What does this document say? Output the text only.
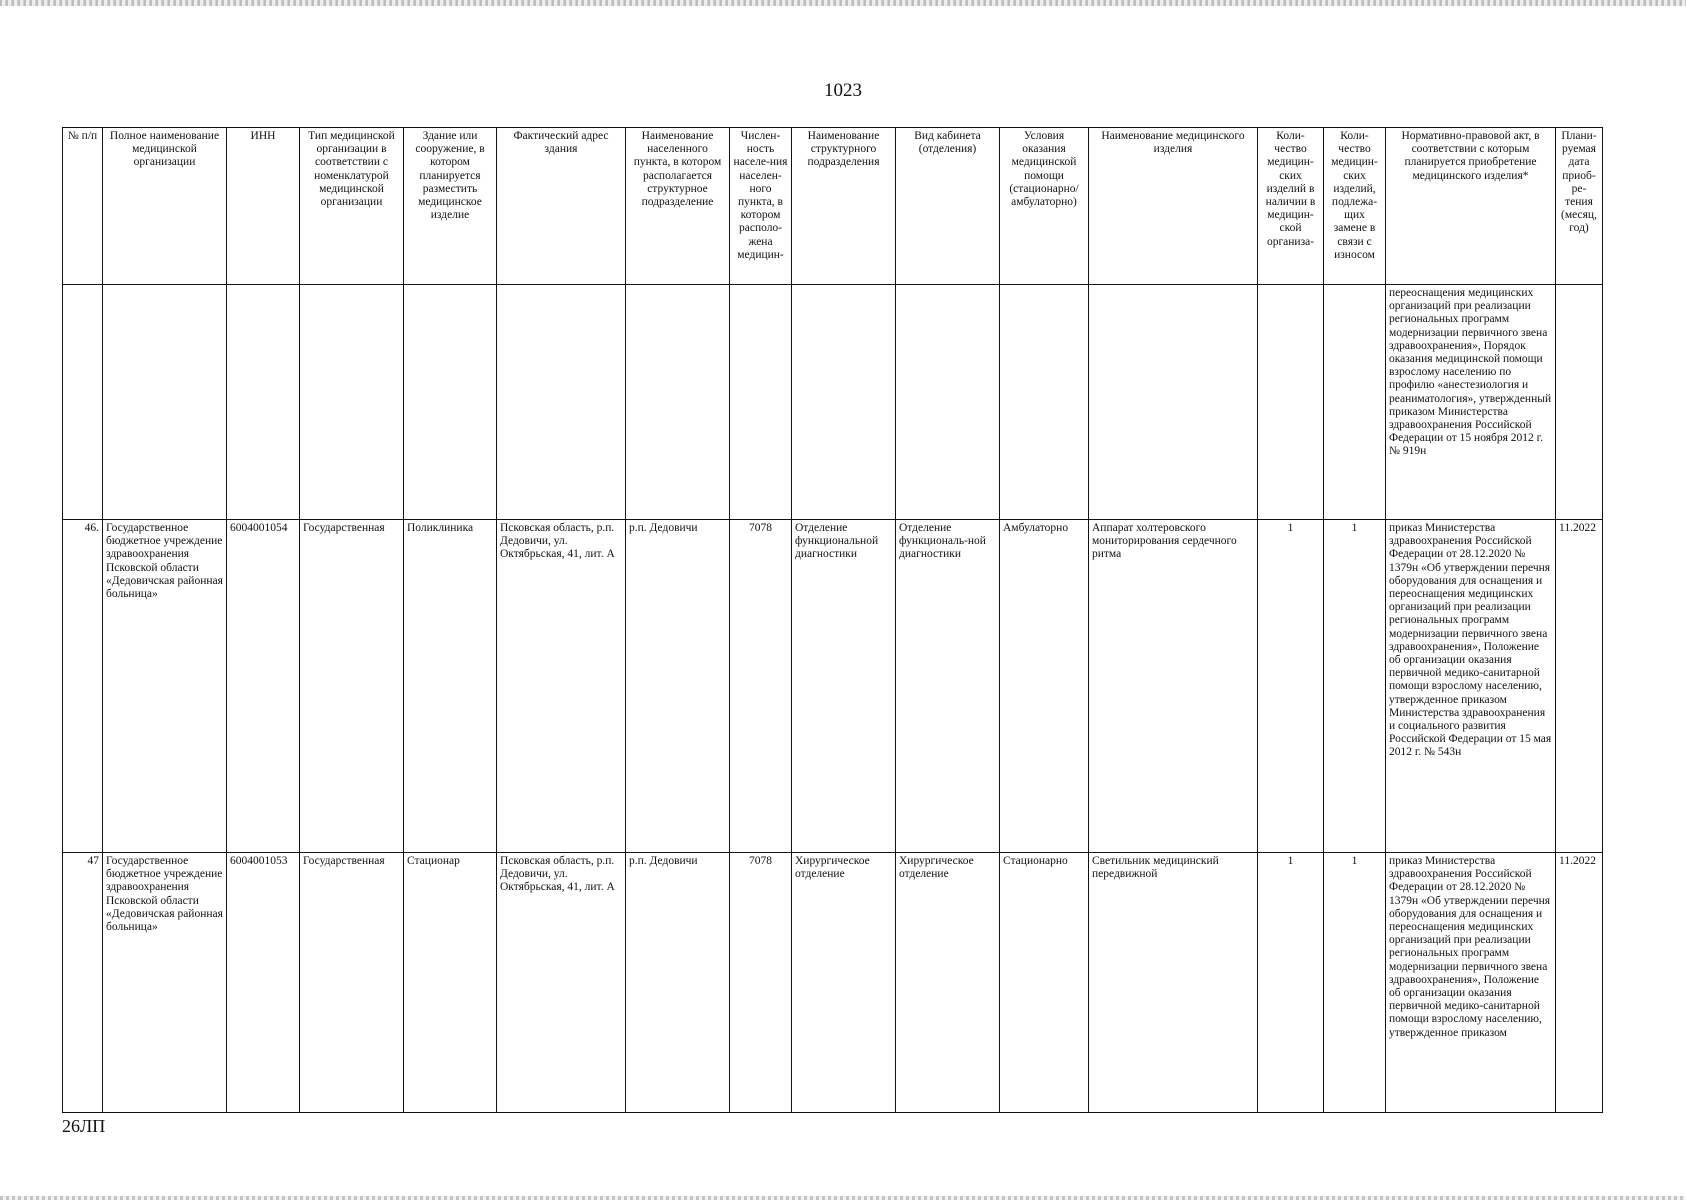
1023
№ п/п	Полное наименование медицинской организации	ИНН	Тип медицинской организации в соответствии с номенклатурой медицинской организации	Здание или сооружение, в котором планируется разместить медицинское изделие	Фактический адрес здания	Наименование населенного пункта, в котором располагается структурное подразделение	Числен-ность населе-ния населен-ного пункта, в котором располо-жена медицин-	Наименование структурного подразделения	Вид кабинета (отделения)	Условия оказания медицинской помощи (стационарно/ амбулаторно)	Наименование медицинского изделия	Коли-чество медицин-ских изделий в наличии в медицин-ской организа-	Коли-чество медицин-ских изделий, подлежа-щих замене в связи с износом	Нормативно-правовой акт, в соответствии с которым планируется приобретение медицинского изделия*	Плани-руемая дата приоб-ре-тения (месяц, год)
														переоснащения медицинских организаций при реализации региональных программ модернизации первичного звена здравоохранения», Порядок оказания медицинской помощи взрослому населению по профилю «анестезиология и реаниматология», утвержденный приказом Министерства здравоохранения Российской Федерации от 15 ноября 2012 г. № 919н	
46.	Государственное бюджетное учреждение здравоохранения Псковской области «Дедовичская районная больница»	6004001054	Государственная	Поликлиника	Псковская область, р.п. Дедовичи, ул. Октябрьская, 41, лит. А	р.п. Дедовичи	7078	Отделение функциональной диагностики	Отделение функциональ-ной диагностики	Амбулаторно	Аппарат холтеровского мониторирования сердечного ритма	1	1	приказ Министерства здравоохранения Российской Федерации от 28.12.2020 № 1379н «Об утверждении перечня оборудования для оснащения и переоснащения медицинских организаций при реализации региональных программ модернизации первичного звена здравоохранения», Положение об организации оказания первичной медико-санитарной помощи взрослому населению, утвержденное приказом Министерства здравоохранения и социального развития Российской Федерации от 15 мая 2012 г. № 543н	11.2022
47	Государственное бюджетное учреждение здравоохранения Псковской области «Дедовичская районная больница»	6004001053	Государственная	Стационар	Псковская область, р.п. Дедовичи, ул. Октябрьская, 41, лит. А	р.п. Дедовичи	7078	Хирургическое отделение	Хирургическое отделение	Стационарно	Светильник медицинский передвижной	1	1	приказ Министерства здравоохранения Российской Федерации от 28.12.2020 № 1379н «Об утверждении перечня оборудования для оснащения и переоснащения медицинских организаций при реализации региональных программ модернизации первичного звена здравоохранения», Положение об организации оказания первичной медико-санитарной помощи взрослому населению, утвержденное приказом	11.2022
26ЛП
